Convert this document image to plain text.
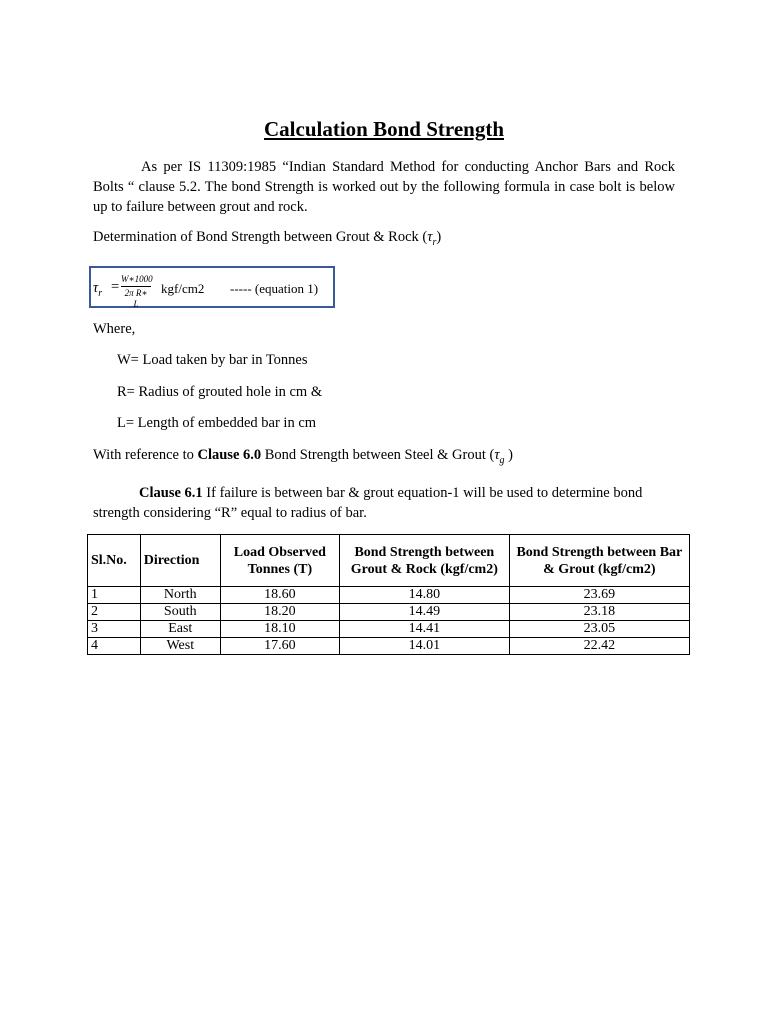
Calculation Bond Strength
As per IS 11309:1985 “Indian Standard Method for conducting Anchor Bars and Rock Bolts “ clause 5.2. The bond Strength is worked out by the following formula in case bolt is below up to failure between grout and rock.
Determination of Bond Strength between Grout & Rock $(\tau_r)$
$\tau_r = \frac{W∗1000}{\text{2π R∗ L}} kgf/cm2$ ----- (equation 1)
Where,
W= Load taken by bar in Tonnes
R= Radius of grouted hole in cm &
L= Length of embedded bar in cm
With reference to Clause 6.0 Bond Strength between Steel & Grout ($\tau_g$ )
Clause 6.1 If failure is between bar & grout equation-1 will be used to determine bond strength considering “R” equal to radius of bar.
Sl.No.	Direction	Load Observed Tonnes (T)	Bond Strength between Grout & Rock (kgf/cm2)	Bond Strength between Bar & Grout (kgf/cm2)
1	North	18.60	14.80	23.69
2	South	18.20	14.49	23.18
3	East	18.10	14.41	23.05
4	West	17.60	14.01	22.42
